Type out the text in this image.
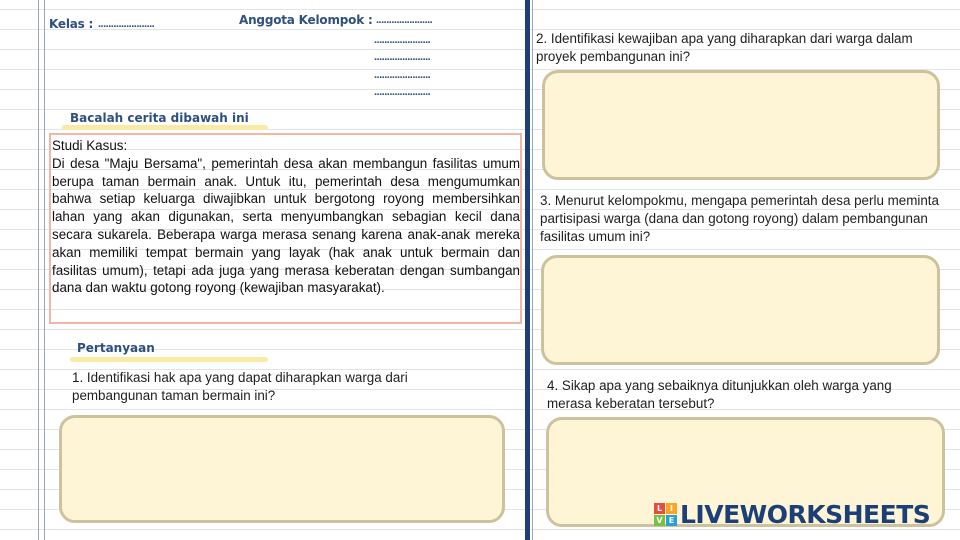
Kelas : ......................	Anggota Kelompok : ......................
......................
......................
......................
......................
Bacalah cerita dibawah ini
Studi Kasus:
Di desa "Maju Bersama", pemerintah desa akan membangun fasilitas umum berupa taman bermain anak. Untuk itu, pemerintah desa mengumumkan bahwa setiap keluarga diwajibkan untuk bergotong royong membersihkan lahan yang akan digunakan, serta menyumbangkan sebagian kecil dana secara sukarela. Beberapa warga merasa senang karena anak-anak mereka akan memiliki tempat bermain yang layak (hak anak untuk bermain dan fasilitas umum), tetapi ada juga yang merasa keberatan dengan sumbangan dana dan waktu gotong royong (kewajiban masyarakat).
Pertanyaan
1. Identifikasi hak apa yang dapat diharapkan warga dari pembangunan taman bermain ini?
2. Identifikasi kewajiban apa yang diharapkan dari warga dalam proyek pembangunan ini?
3. Menurut kelompokmu, mengapa pemerintah desa perlu meminta partisipasi warga (dana dan gotong royong) dalam pembangunan fasilitas umum ini?
4. Sikap apa yang sebaiknya ditunjukkan oleh warga yang merasa keberatan tersebut?
L I
V E LIVEWORKSHEETS
